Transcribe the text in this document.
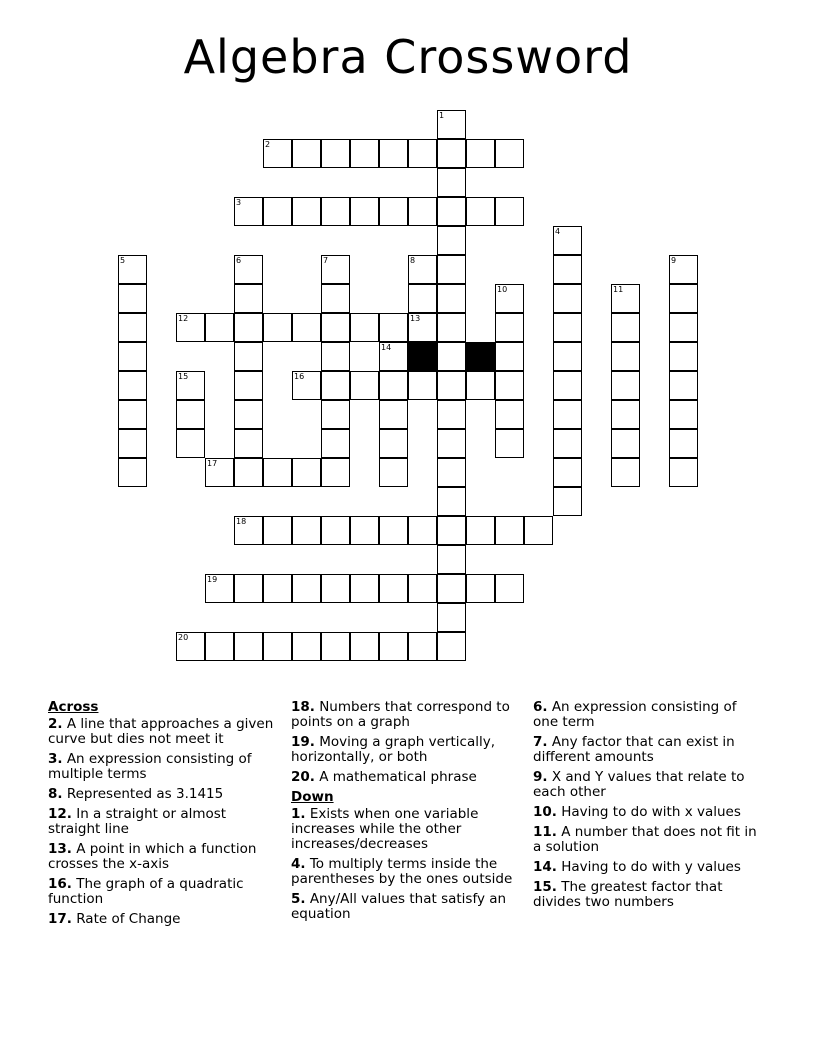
Algebra Crossword
2
3
12	13
14
16
17
18
19
20
1
4
5	6	7	8	9
10	11
15
Across
2. A line that approaches a given curve but dies not meet it
3. An expression consisting of multiple terms
8. Represented as 3.1415
12. In a straight or almost straight line
13. A point in which a function crosses the x-axis
16. The graph of a quadratic function
17. Rate of Change
18. Numbers that correspond to points on a graph
19. Moving a graph vertically, horizontally, or both
20. A mathematical phrase
Down
1. Exists when one variable increases while the other increases/decreases
4. To multiply terms inside the parentheses by the ones outside
5. Any/All values that satisfy an equation
6. An expression consisting of one term
7. Any factor that can exist in different amounts
9. X and Y values that relate to each other
10. Having to do with x values
11. A number that does not fit in a solution
14. Having to do with y values
15. The greatest factor that divides two numbers
